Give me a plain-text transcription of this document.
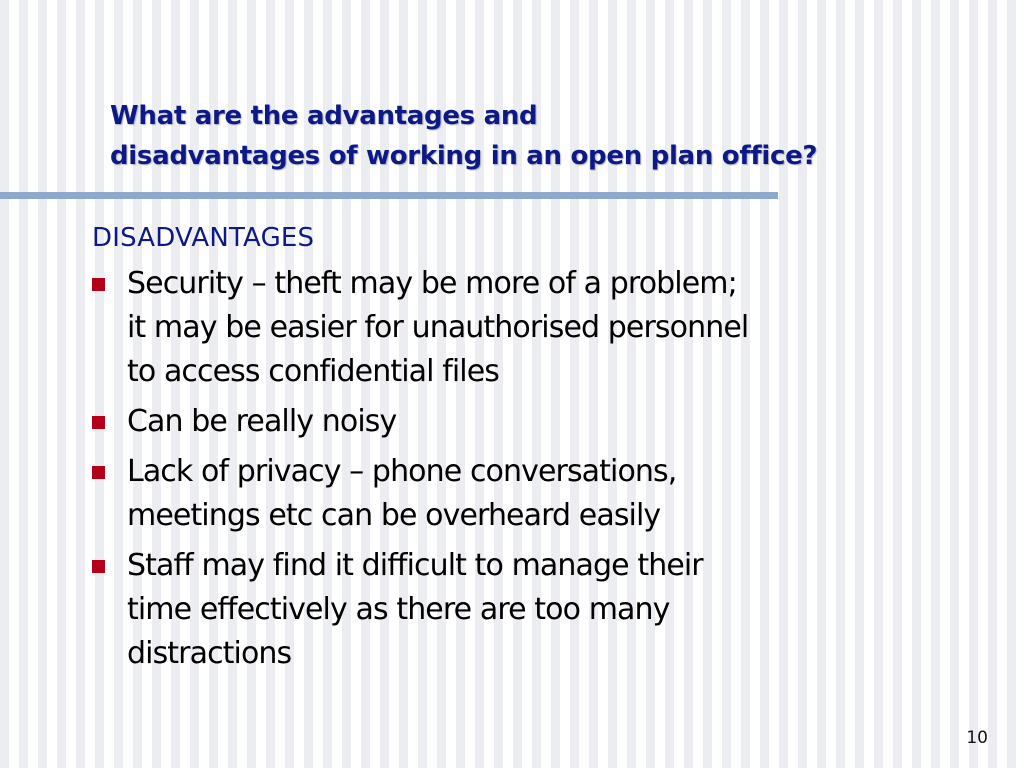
What are the advantages and
disadvantages of working in an open plan office?
DISADVANTAGES
Security – theft may be more of a problem;
it may be easier for unauthorised personnel
to access confidential files
Can be really noisy
Lack of privacy – phone conversations,
meetings etc can be overheard easily
Staff may find it difficult to manage their
time effectively as there are too many
distractions
10
